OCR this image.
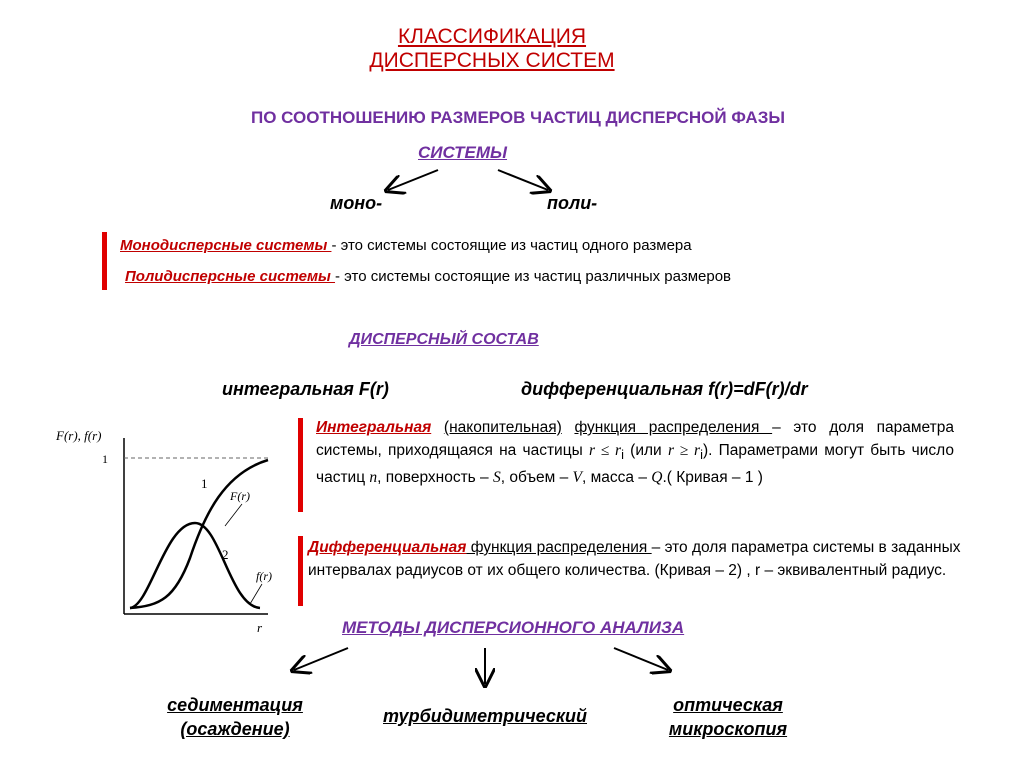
КЛАССИФИКАЦИЯ
ДИСПЕРСНЫХ СИСТЕМ
ПО СООТНОШЕНИЮ РАЗМЕРОВ ЧАСТИЦ ДИСПЕРСНОЙ ФАЗЫ
СИСТЕМЫ
моно-	поли-
Монодисперсные системы - это системы состоящие из частиц одного размера
Полидисперсные системы - это системы состоящие из частиц различных размеров
ДИСПЕРСНЫЙ СОСТАВ
интегральная F(r)	дифференциальная f(r)=dF(r)/dr
F(r), f(r)
1
r
1
2
F(r)
f(r)
Интегральная (накопительная) функция распределения – это доля параметра системы, приходящаяся на частицы $r \le r_i$ (или $r \ge r_i$). Параметрами могут быть число частиц n, поверхность – S, объем – V, масса – Q.( Кривая – 1 )
Дифференциальная функция распределения – это доля параметра системы в заданных интервалах радиусов от их общего количества. (Кривая – 2) , r – эквивалентный радиус.
МЕТОДЫ ДИСПЕРСИОННОГО АНАЛИЗА
седиментация
(осаждение)
турбидиметрический
оптическая
микроскопия
